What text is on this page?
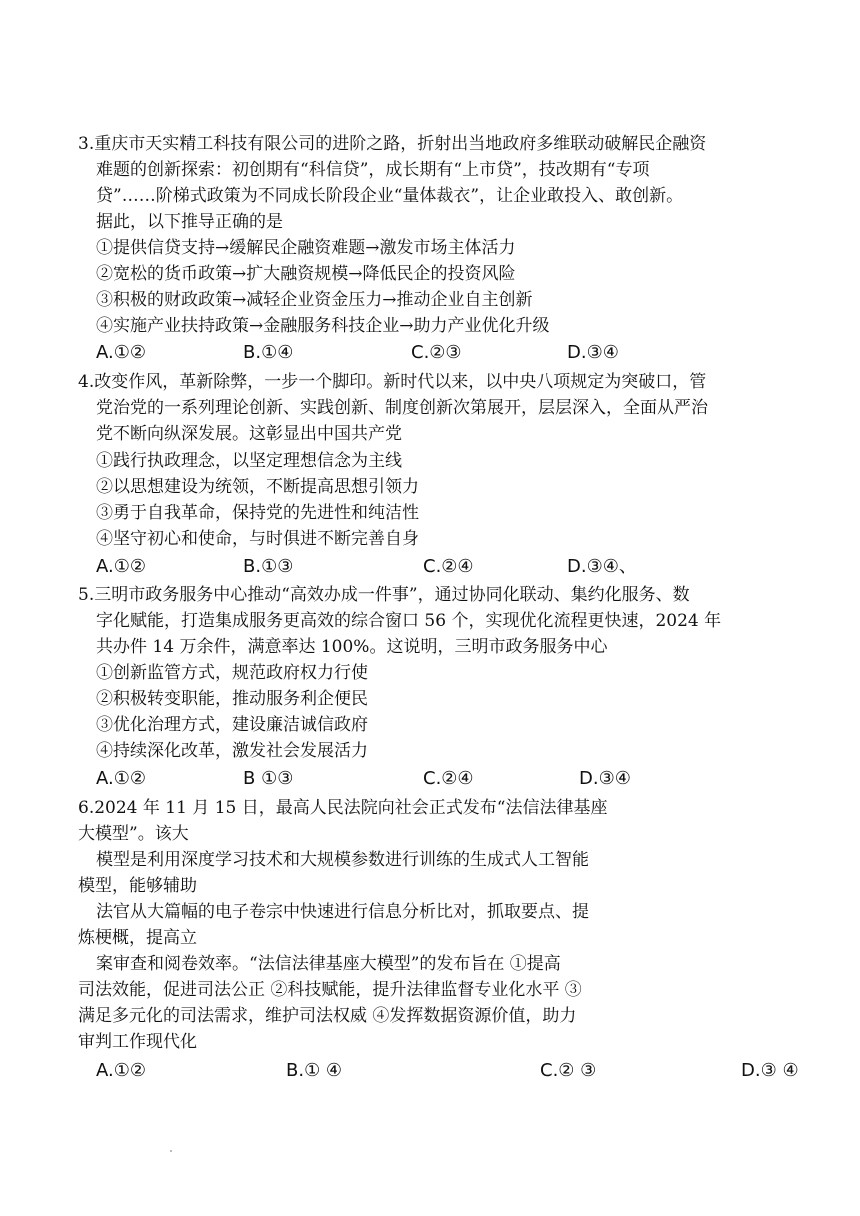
3.重庆市天实精工科技有限公司的进阶之路，折射出当地政府多维联动破解民企融资
难题的创新探索：初创期有“科信贷”，成长期有“上市贷”，技改期有“专项
贷”……阶梯式政策为不同成长阶段企业“量体裁衣”，让企业敢投入、敢创新。
据此，以下推导正确的是
①提供信贷支持→缓解民企融资难题→激发市场主体活力
②宽松的货币政策→扩大融资规模→降低民企的投资风险
③积极的财政政策→减轻企业资金压力→推动企业自主创新
④实施产业扶持政策→金融服务科技企业→助力产业优化升级
A.①②	B.①④	C.②③	D.③④
4.改变作风，革新除弊，一步一个脚印。新时代以来，以中央八项规定为突破口，管
党治党的一系列理论创新、实践创新、制度创新次第展开，层层深入，全面从严治
党不断向纵深发展。这彰显出中国共产党
①践行执政理念，以坚定理想信念为主线
②以思想建设为统领，不断提高思想引领力
③勇于自我革命，保持党的先进性和纯洁性
④坚守初心和使命，与时俱进不断完善自身
A.①②	B.①③	C.②④	D.③④、
5.三明市政务服务中心推动“高效办成一件事”，通过协同化联动、集约化服务、数
字化赋能，打造集成服务更高效的综合窗口 56 个，实现优化流程更快速，2024 年
共办件 14 万余件，满意率达 100%。这说明，三明市政务服务中心
①创新监管方式，规范政府权力行使
②积极转变职能，推动服务利企便民
③优化治理方式，建设廉洁诚信政府
④持续深化改革，激发社会发展活力
A.①②	B ①③	C.②④	D.③④
6.2024 年 11 月 15 日，最高人民法院向社会正式发布“法信法律基座
大模型”。该大
模型是利用深度学习技术和大规模参数进行训练的生成式人工智能
模型，能够辅助
法官从大篇幅的电子卷宗中快速进行信息分析比对，抓取要点、提
炼梗概，提高立
案审查和阅卷效率。“法信法律基座大模型”的发布旨在 ①提高
司法效能，促进司法公正 ②科技赋能，提升法律监督专业化水平 ③
满足多元化的司法需求，维护司法权威 ④发挥数据资源价值，助力
审判工作现代化
A.①②	B.① ④	C.② ③	D.③ ④
